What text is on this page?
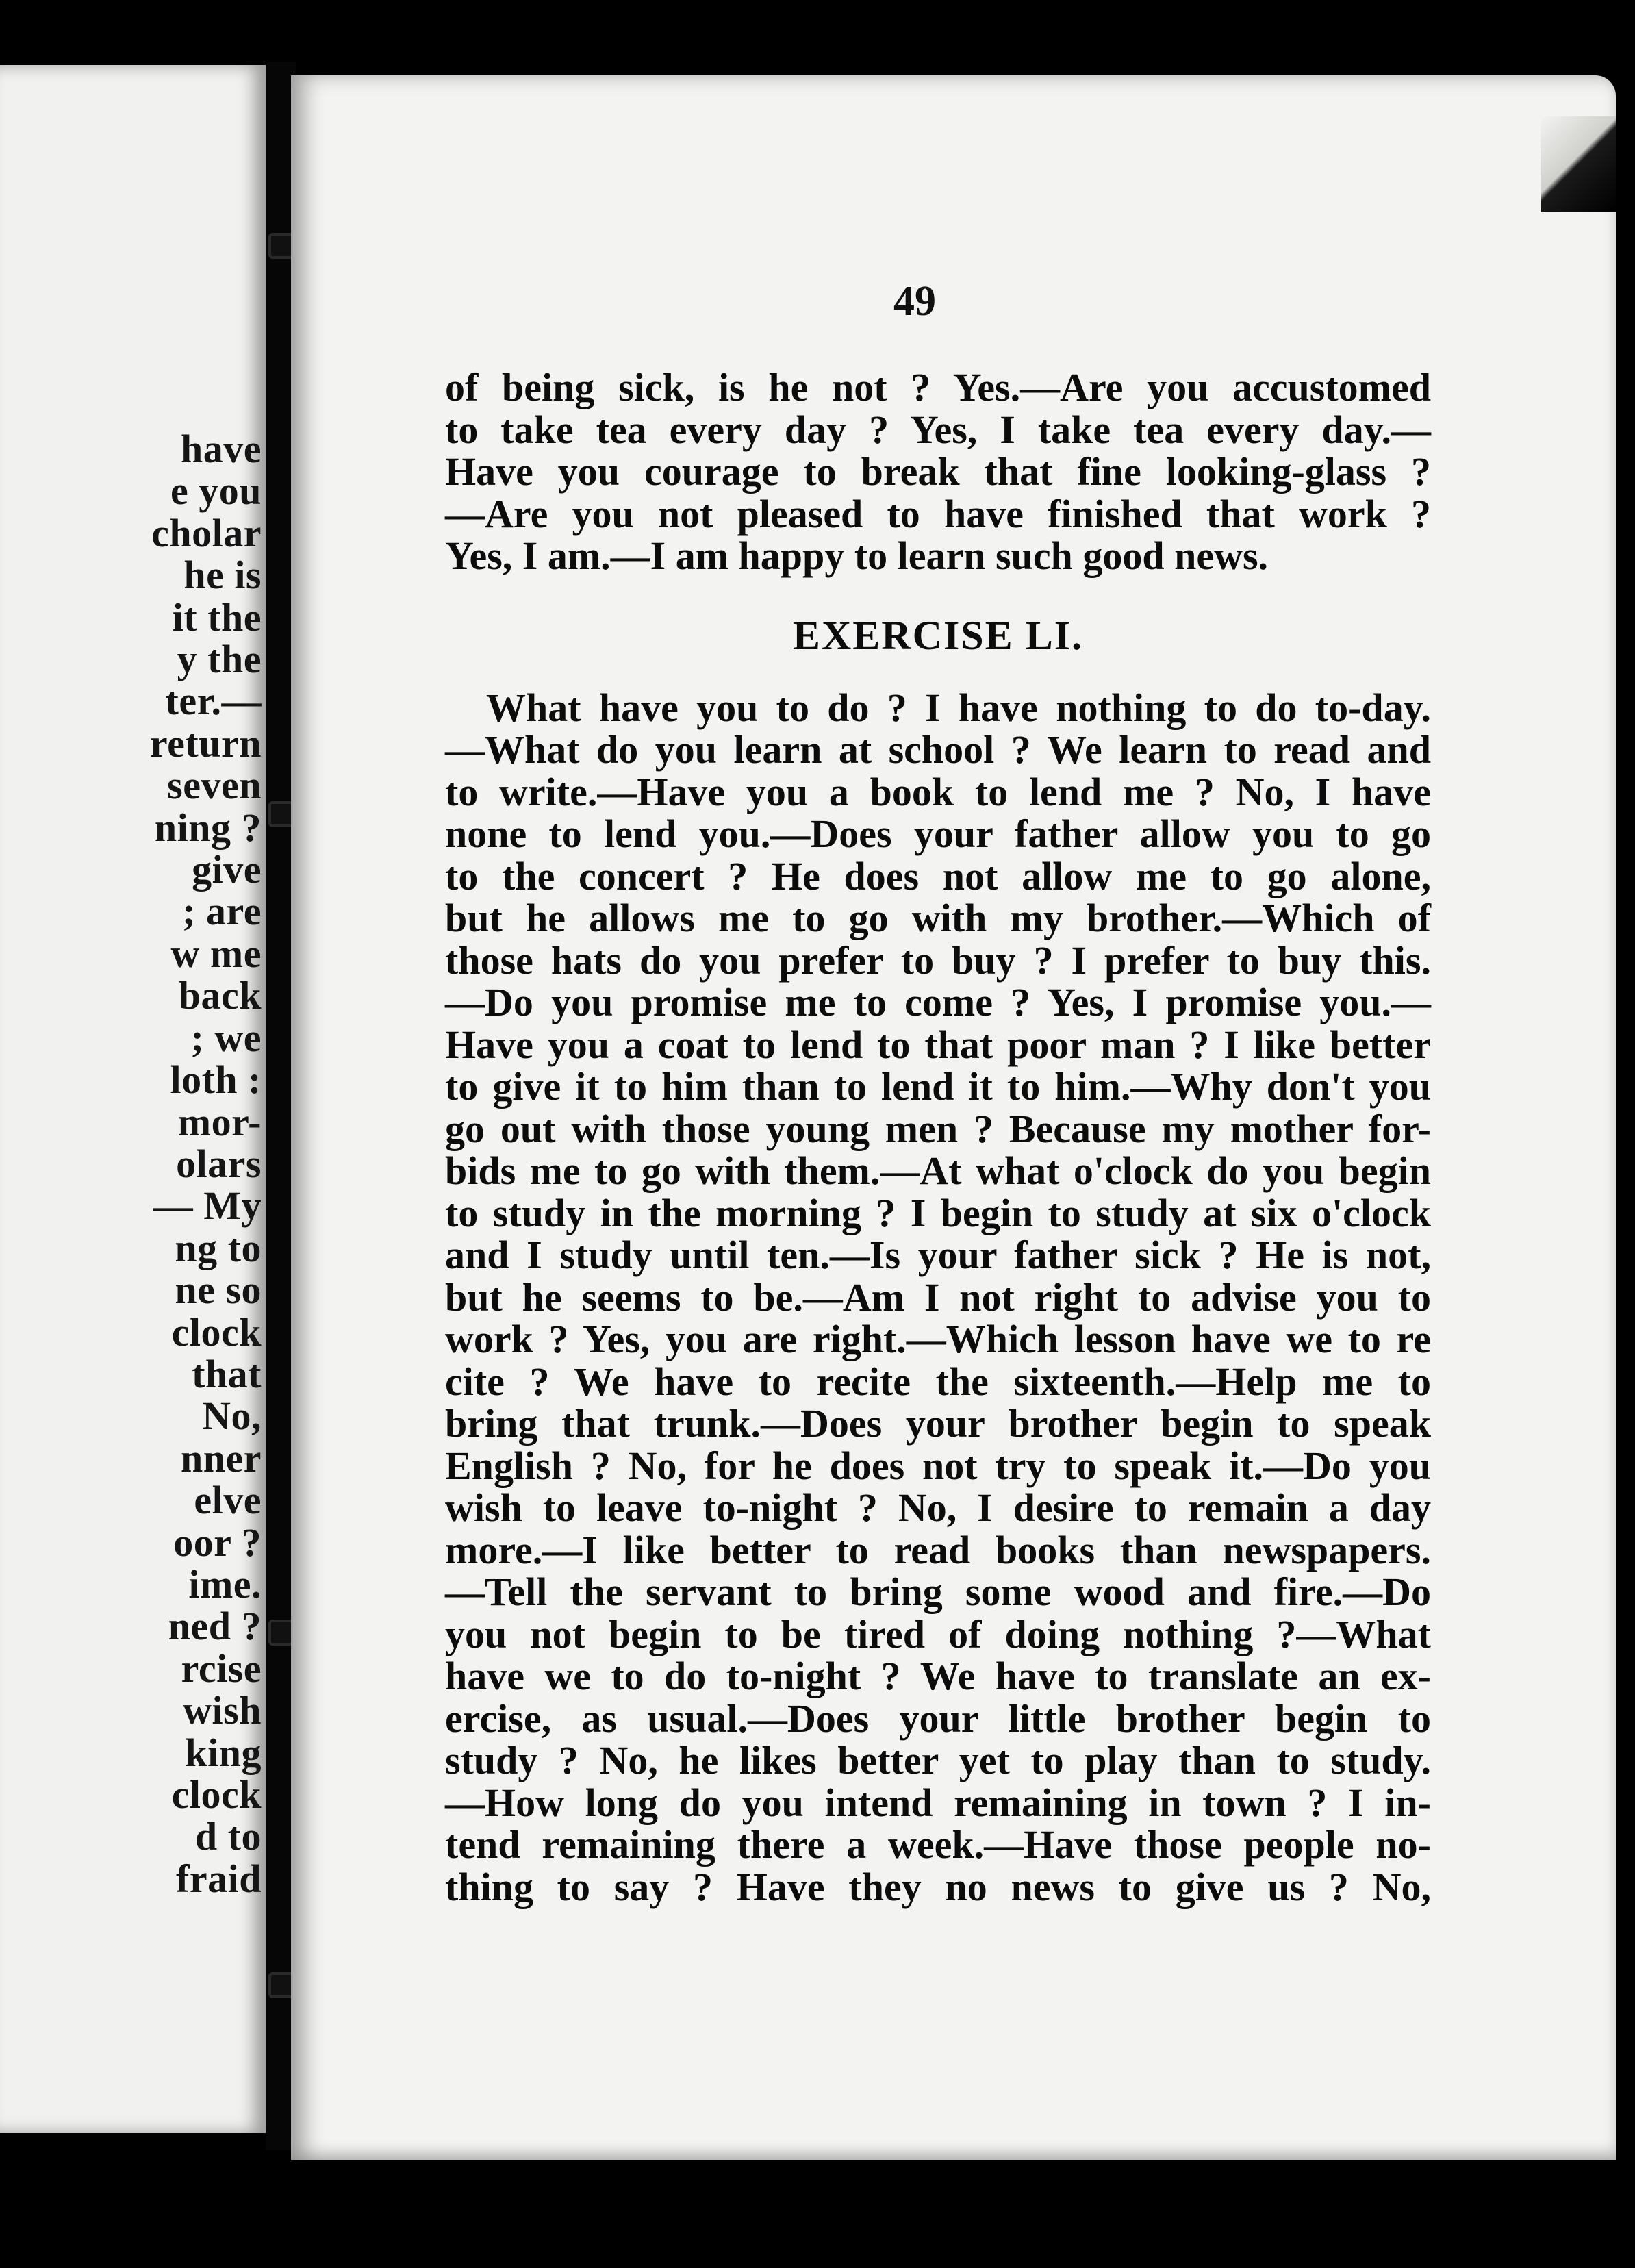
have
e you
cholar
he is
it the
y the
ter.—
return
seven
ning ?
give
; are
w me
back
; we
loth :
mor-
olars
— My
ng to
ne so
clock
that
No,
nner
elve
oor ?
ime.
ned ?
rcise
wish
king
clock
d to
fraid
49
of being sick, is he not ? Yes.—Are you accustomed
to take tea every day ? Yes, I take tea every day.—
Have you courage to break that fine looking-glass ?
—Are you not pleased to have finished that work ?
Yes, I am.—I am happy to learn such good news.
EXERCISE LI.
What have you to do ? I have nothing to do to-day.
—What do you learn at school ? We learn to read and
to write.—Have you a book to lend me ? No, I have
none to lend you.—Does your father allow you to go
to the concert ? He does not allow me to go alone,
but he allows me to go with my brother.—Which of
those hats do you prefer to buy ? I prefer to buy this.
—Do you promise me to come ? Yes, I promise you.—
Have you a coat to lend to that poor man ? I like better
to give it to him than to lend it to him.—Why don't you
go out with those young men ? Because my mother for-
bids me to go with them.—At what o'clock do you begin
to study in the morning ? I begin to study at six o'clock
and I study until ten.—Is your father sick ? He is not,
but he seems to be.—Am I not right to advise you to
work ? Yes, you are right.—Which lesson have we to re
cite ? We have to recite the sixteenth.—Help me to
bring that trunk.—Does your brother begin to speak
English ? No, for he does not try to speak it.—Do you
wish to leave to-night ? No, I desire to remain a day
more.—I like better to read books than newspapers.
—Tell the servant to bring some wood and fire.—Do
you not begin to be tired of doing nothing ?—What
have we to do to-night ? We have to translate an ex-
ercise, as usual.—Does your little brother begin to
study ? No, he likes better yet to play than to study.
—How long do you intend remaining in town ? I in-
tend remaining there a week.—Have those people no-
thing to say ? Have they no news to give us ? No,
